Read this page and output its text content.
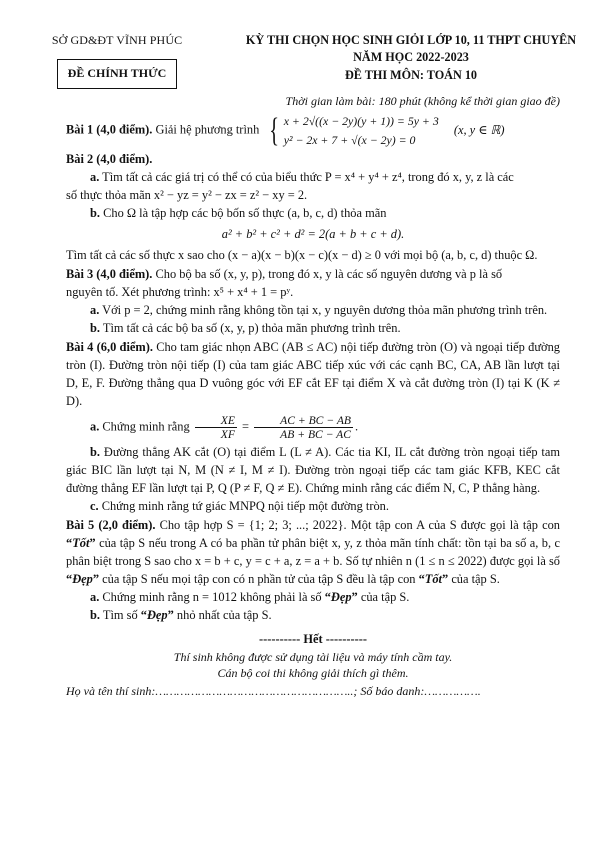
SỞ GD&ĐT VĨNH PHÚC
ĐỀ CHÍNH THỨC
KỲ THI CHỌN HỌC SINH GIỎI LỚP 10, 11 THPT CHUYÊN
NĂM HỌC 2022-2023
ĐỀ THI MÔN: TOÁN 10
Thời gian làm bài: 180 phút (không kể thời gian giao đề)

Bài 1 (4,0 điểm). Giải hệ phương trình { x + 2√((x − 2y)(y + 1)) = 5y + 3
y² − 2x + 7 + √(x − 2y) = 0
(x, y ∈ ℝ)

Bài 2 (4,0 điểm).

a. Tìm tất cả các giá trị có thể có của biểu thức P = x⁴ + y⁴ + z⁴, trong đó x, y, z là các

số thực thỏa mãn x² − yz = y² − zx = z² − xy = 2.

b. Cho Ω là tập hợp các bộ bốn số thực (a, b, c, d) thỏa mãn

a² + b² + c² + d² = 2(a + b + c + d).

Tìm tất cả các số thực x sao cho (x − a)(x − b)(x − c)(x − d) ≥ 0 với mọi bộ (a, b, c, d) thuộc Ω.

Bài 3 (4,0 điểm). Cho bộ ba số (x, y, p), trong đó x, y là các số nguyên dương và p là số

nguyên tố. Xét phương trình: x⁵ + x⁴ + 1 = pʸ.

a. Với p = 2, chứng minh rằng không tồn tại x, y nguyên dương thỏa mãn phương trình trên.

b. Tìm tất cả các bộ ba số (x, y, p) thỏa mãn phương trình trên.

Bài 4 (6,0 điểm). Cho tam giác nhọn ABC (AB ≤ AC) nội tiếp đường tròn (O) và ngoại tiếp đường tròn (I). Đường tròn nội tiếp (I) của tam giác ABC tiếp xúc với các cạnh BC, CA, AB lần lượt tại D, E, F. Đường thẳng qua D vuông góc với EF cắt EF tại điểm X và cắt đường tròn (I) tại K (K ≠ D).

a. Chứng minh rằng $\frac{XE}{XF} = \frac{AC + BC - AB}{AB + BC - AC}$ .

b. Đường thẳng AK cắt (O) tại điểm L (L ≠ A). Các tia KI, IL cắt đường tròn ngoại tiếp tam giác BIC lần lượt tại N, M (N ≠ I, M ≠ I). Đường tròn ngoại tiếp các tam giác KFB, KEC cắt đường thẳng EF lần lượt tại P, Q (P ≠ F, Q ≠ E). Chứng minh rằng các điểm N, C, P thẳng hàng.

c. Chứng minh rằng tứ giác MNPQ nội tiếp một đường tròn.

Bài 5 (2,0 điểm). Cho tập hợp S = {1; 2; 3; ...; 2022}. Một tập con A của S được gọi là tập con “Tốt” của tập S nếu trong A có ba phần tử phân biệt x, y, z thỏa mãn tính chất: tồn tại ba số a, b, c phân biệt trong S sao cho x = b + c, y = c + a, z = a + b. Số tự nhiên n (1 ≤ n ≤ 2022) được gọi là số “Đẹp” của tập S nếu mọi tập con có n phần tử của tập S đều là tập con “Tốt” của tập S.

a. Chứng minh rằng n = 1012 không phải là số “Đẹp” của tập S.

b. Tìm số “Đẹp” nhỏ nhất của tập S.

---------- Hết ----------
Thí sinh không được sử dụng tài liệu và máy tính cầm tay.
Cán bộ coi thi không giải thích gì thêm.
Họ và tên thí sinh:………………………………………………..; Số báo danh:…………….
